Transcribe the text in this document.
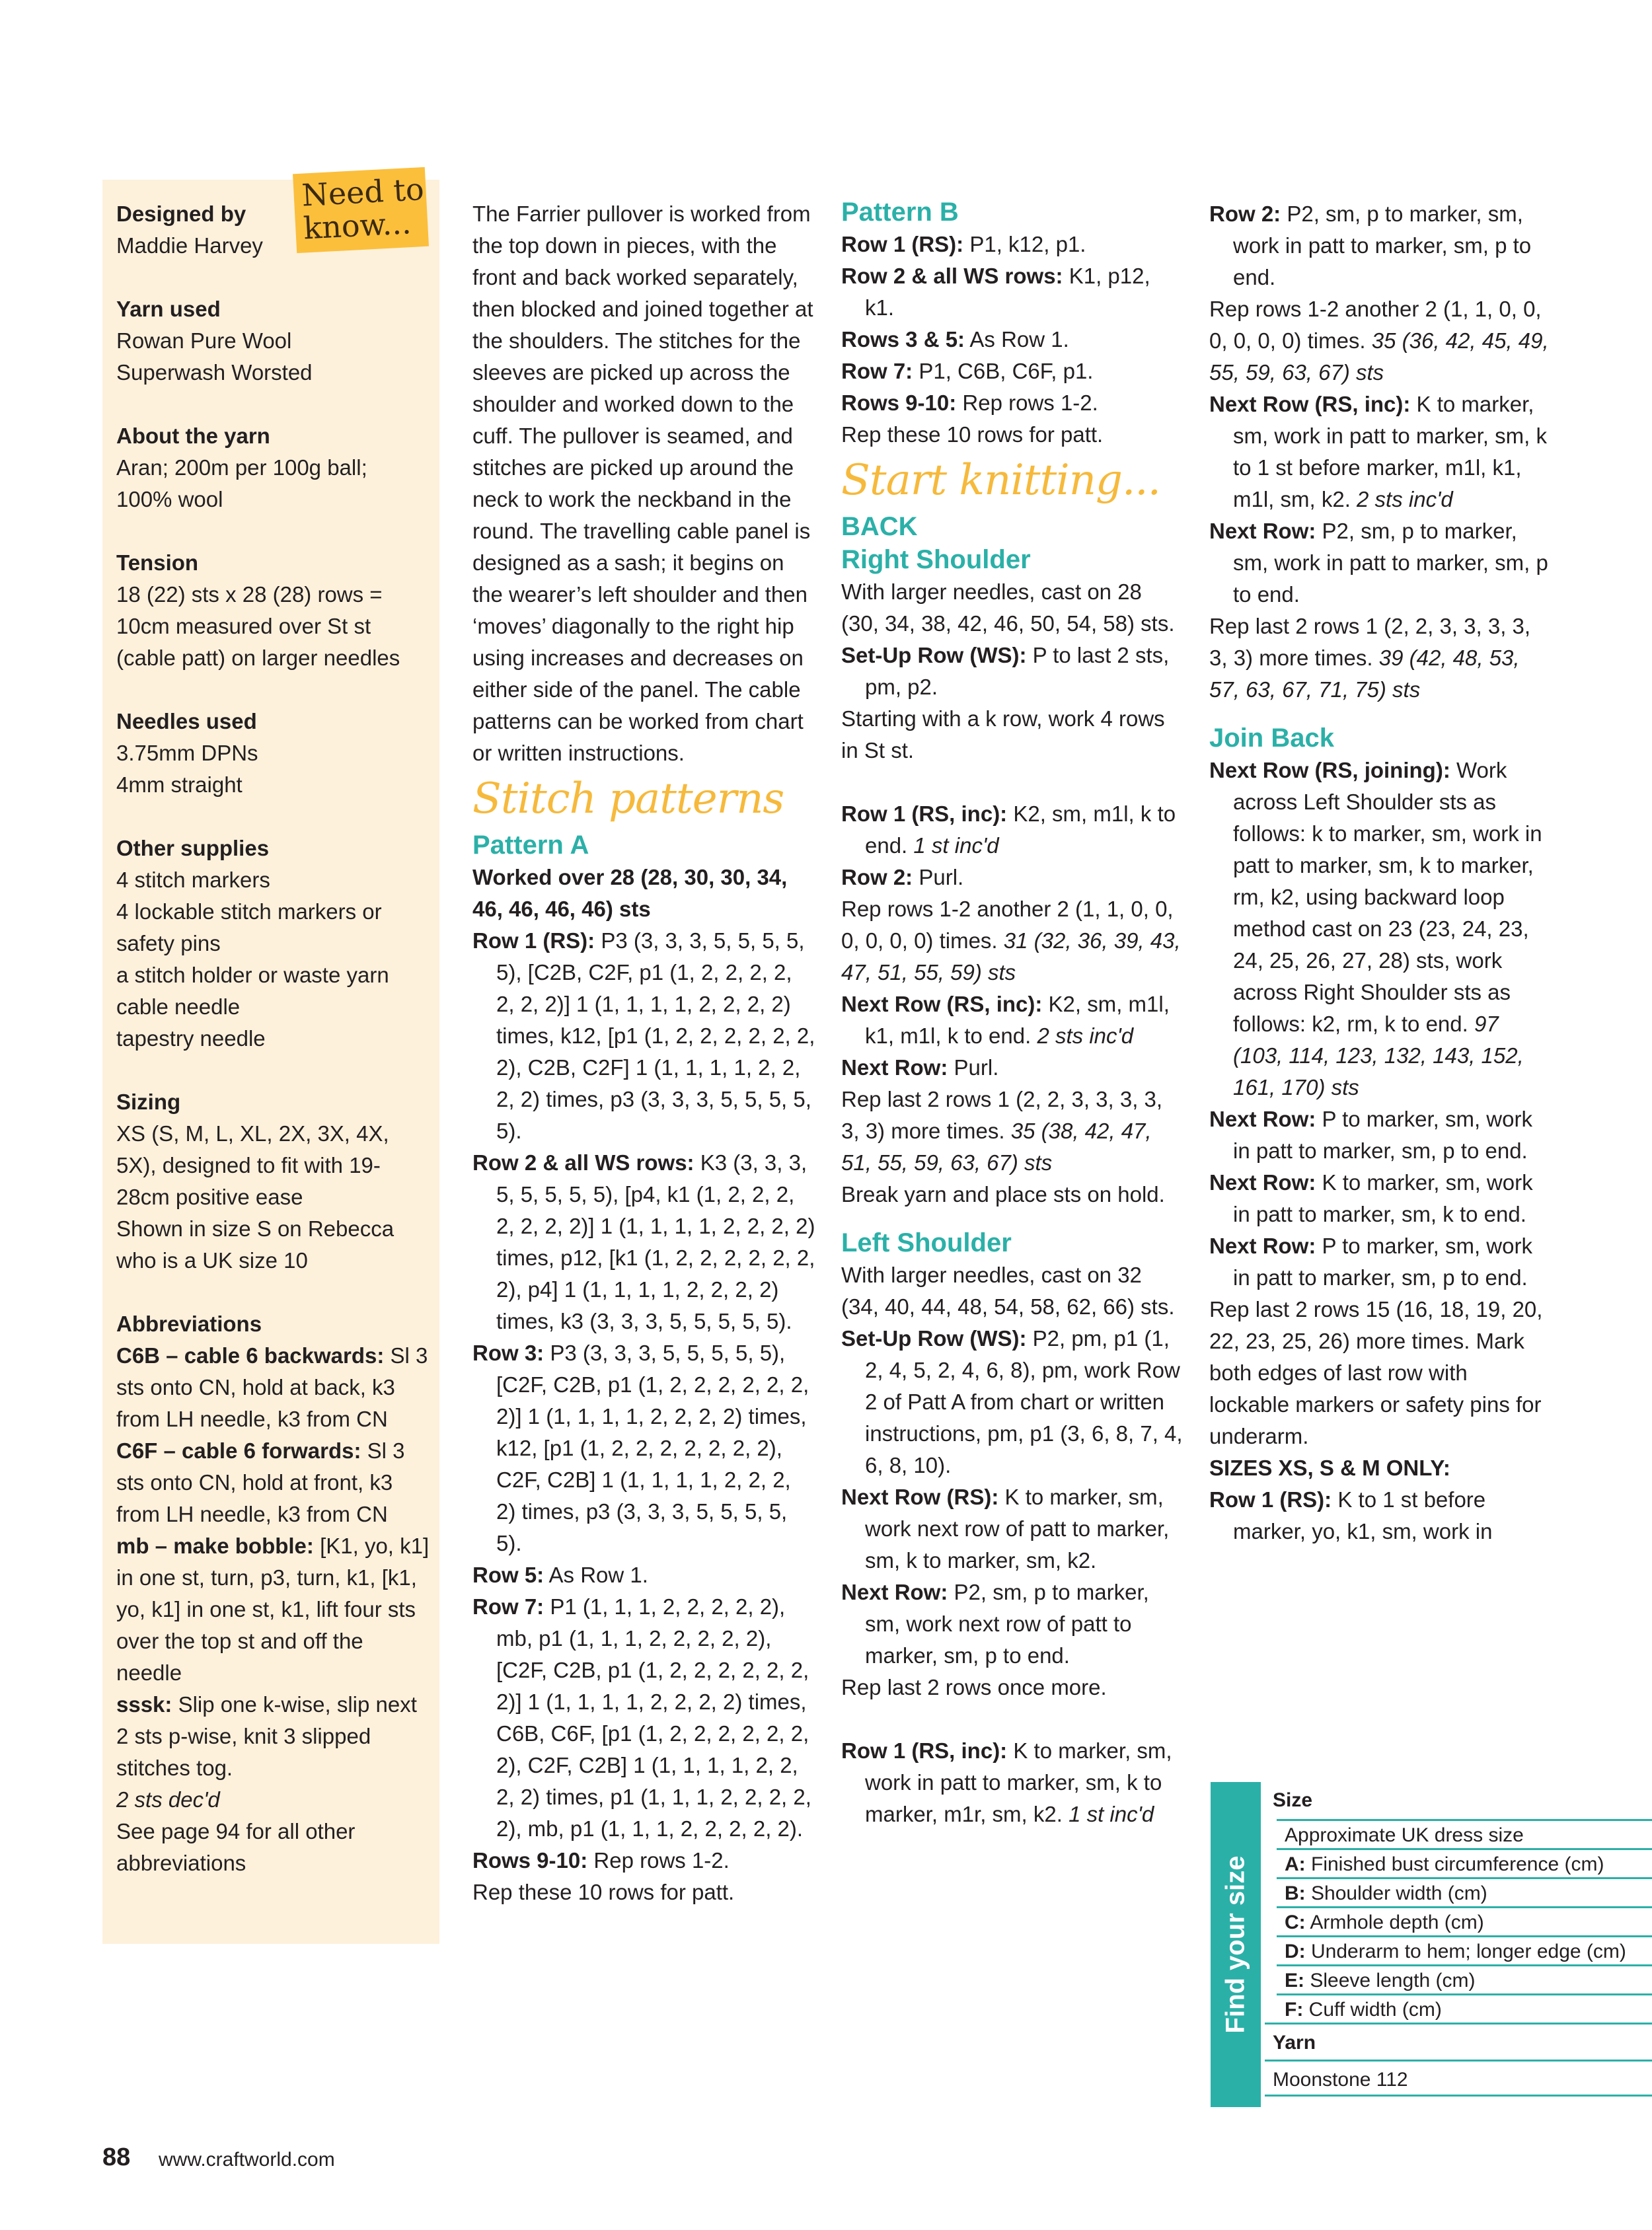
Need to know...

Designed by

Maddie Harvey

Yarn used

Rowan Pure Wool

Superwash Worsted

About the yarn

Aran; 200m per 100g ball;

100% wool

Tension

18 (22) sts x 28 (28) rows =

10cm measured over St st

(cable patt) on larger needles

Needles used

3.75mm DPNs

4mm straight

Other supplies

4 stitch markers

4 lockable stitch markers or

safety pins

a stitch holder or waste yarn

cable needle

tapestry needle

Sizing

XS (S, M, L, XL, 2X, 3X, 4X,

5X), designed to fit with 19-

28cm positive ease

Shown in size S on Rebecca

who is a UK size 10

Abbreviations

C6B – cable 6 backwards: Sl 3 sts onto CN, hold at back, k3 from LH needle, k3 from CN

C6F – cable 6 forwards: Sl 3 sts onto CN, hold at front, k3 from LH needle, k3 from CN

mb – make bobble: [K1, yo, k1] in one st, turn, p3, turn, k1, [k1, yo, k1] in one st, k1, lift four sts over the top st and off the needle

sssk: Slip one k-wise, slip next 2 sts p-wise, knit 3 slipped stitches tog.

2 sts dec'd

See page 94 for all other abbreviations

The Farrier pullover is worked from the top down in pieces, with the front and back worked separately, then blocked and joined together at the shoulders. The stitches for the sleeves are picked up across the shoulder and worked down to the cuff. The pullover is seamed, and stitches are picked up around the neck to work the neckband in the round. The travelling cable panel is designed as a sash; it begins on the wearer’s left shoulder and then ‘moves’ diagonally to the right hip using increases and decreases on either side of the panel. The cable patterns can be worked from chart or written instructions.

Stitch patterns

Pattern A

Worked over 28 (28, 30, 30, 34, 46, 46, 46, 46) sts

Row 1 (RS): P3 (3, 3, 3, 5, 5, 5, 5, 5), [C2B, C2F, p1 (1, 2, 2, 2, 2, 2, 2, 2)] 1 (1, 1, 1, 1, 2, 2, 2, 2) times, k12, [p1 (1, 2, 2, 2, 2, 2, 2, 2), C2B, C2F] 1 (1, 1, 1, 1, 2, 2, 2, 2) times, p3 (3, 3, 3, 5, 5, 5, 5, 5).

Row 2 & all WS rows: K3 (3, 3, 3, 5, 5, 5, 5, 5), [p4, k1 (1, 2, 2, 2, 2, 2, 2, 2)] 1 (1, 1, 1, 1, 2, 2, 2, 2) times, p12, [k1 (1, 2, 2, 2, 2, 2, 2, 2), p4] 1 (1, 1, 1, 1, 2, 2, 2, 2) times, k3 (3, 3, 3, 5, 5, 5, 5, 5).

Row 3: P3 (3, 3, 3, 5, 5, 5, 5, 5), [C2F, C2B, p1 (1, 2, 2, 2, 2, 2, 2, 2)] 1 (1, 1, 1, 1, 2, 2, 2, 2) times, k12, [p1 (1, 2, 2, 2, 2, 2, 2, 2), C2F, C2B] 1 (1, 1, 1, 1, 2, 2, 2, 2) times, p3 (3, 3, 3, 5, 5, 5, 5, 5).

Row 5: As Row 1.

Row 7: P1 (1, 1, 1, 2, 2, 2, 2, 2), mb, p1 (1, 1, 1, 2, 2, 2, 2, 2), [C2F, C2B, p1 (1, 2, 2, 2, 2, 2, 2, 2)] 1 (1, 1, 1, 1, 2, 2, 2, 2) times, C6B, C6F, [p1 (1, 2, 2, 2, 2, 2, 2, 2), C2F, C2B] 1 (1, 1, 1, 1, 2, 2, 2, 2) times, p1 (1, 1, 1, 2, 2, 2, 2, 2), mb, p1 (1, 1, 1, 2, 2, 2, 2, 2).

Rows 9-10: Rep rows 1-2.

Rep these 10 rows for patt.

Pattern B

Row 1 (RS): P1, k12, p1.

Row 2 & all WS rows: K1, p12, k1.

Rows 3 & 5: As Row 1.

Row 7: P1, C6B, C6F, p1.

Rows 9-10: Rep rows 1-2.

Rep these 10 rows for patt.

Start knitting...

BACK

Right Shoulder

With larger needles, cast on 28 (30, 34, 38, 42, 46, 50, 54, 58) sts.

Set-Up Row (WS): P to last 2 sts, pm, p2.

Starting with a k row, work 4 rows in St st.

Row 1 (RS, inc): K2, sm, m1l, k to end. 1 st inc'd

Row 2: Purl.

Rep rows 1-2 another 2 (1, 1, 0, 0, 0, 0, 0, 0) times. 31 (32, 36, 39, 43, 47, 51, 55, 59) sts

Next Row (RS, inc): K2, sm, m1l, k1, m1l, k to end. 2 sts inc'd

Next Row: Purl.

Rep last 2 rows 1 (2, 2, 3, 3, 3, 3, 3, 3) more times. 35 (38, 42, 47, 51, 55, 59, 63, 67) sts

Break yarn and place sts on hold.

Left Shoulder

With larger needles, cast on 32 (34, 40, 44, 48, 54, 58, 62, 66) sts.

Set-Up Row (WS): P2, pm, p1 (1, 2, 4, 5, 2, 4, 6, 8), pm, work Row 2 of Patt A from chart or written instructions, pm, p1 (3, 6, 8, 7, 4, 6, 8, 10).

Next Row (RS): K to marker, sm, work next row of patt to marker, sm, k to marker, sm, k2.

Next Row: P2, sm, p to marker, sm, work next row of patt to marker, sm, p to end.

Rep last 2 rows once more.

Row 1 (RS, inc): K to marker, sm, work in patt to marker, sm, k to marker, m1r, sm, k2. 1 st inc'd

Row 2: P2, sm, p to marker, sm, work in patt to marker, sm, p to end.

Rep rows 1-2 another 2 (1, 1, 0, 0, 0, 0, 0, 0) times. 35 (36, 42, 45, 49, 55, 59, 63, 67) sts

Next Row (RS, inc): K to marker, sm, work in patt to marker, sm, k to 1 st before marker, m1l, k1, m1l, sm, k2. 2 sts inc'd

Next Row: P2, sm, p to marker, sm, work in patt to marker, sm, p to end.

Rep last 2 rows 1 (2, 2, 3, 3, 3, 3, 3, 3) more times. 39 (42, 48, 53, 57, 63, 67, 71, 75) sts

Join Back

Next Row (RS, joining): Work across Left Shoulder sts as follows: k to marker, sm, work in patt to marker, sm, k to marker, rm, k2, using backward loop method cast on 23 (23, 24, 23, 24, 25, 26, 27, 28) sts, work across Right Shoulder sts as follows: k2, rm, k to end. 97 (103, 114, 123, 132, 143, 152, 161, 170) sts

Next Row: P to marker, sm, work in patt to marker, sm, p to end.

Next Row: K to marker, sm, work in patt to marker, sm, k to end.

Next Row: P to marker, sm, work in patt to marker, sm, p to end.

Rep last 2 rows 15 (16, 18, 19, 20, 22, 23, 25, 26) more times. Mark both edges of last row with lockable markers or safety pins for underarm.

SIZES XS, S & M ONLY:

Row 1 (RS): K to 1 st before marker, yo, k1, sm, work in

Find your size
Size
Approximate UK dress size
A: Finished bust circumference (cm)
B: Shoulder width (cm)
C: Armhole depth (cm)
D: Underarm to hem; longer edge (cm)
E: Sleeve length (cm)
F: Cuff width (cm)
Yarn
Moonstone 112
88 www.craftworld.com
